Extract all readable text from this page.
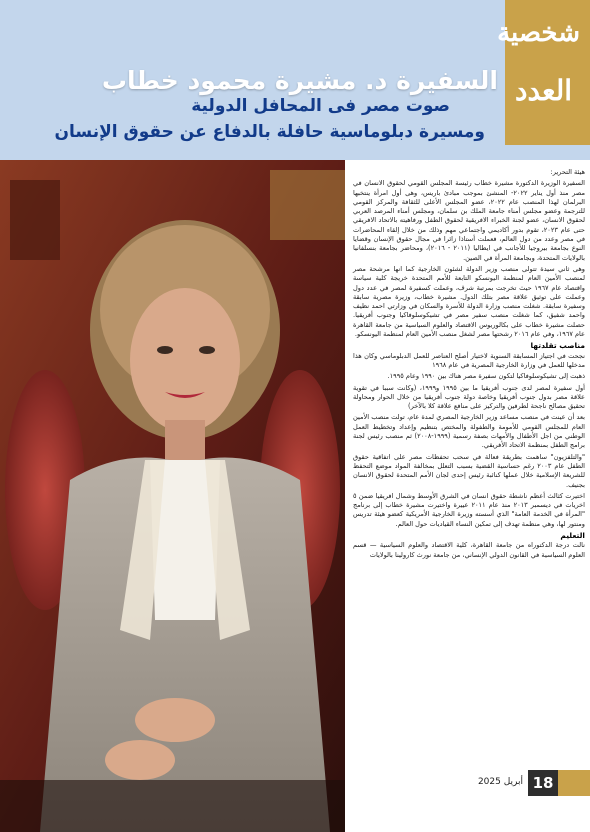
السفيرة د. مشيرة محمود خطاب
صوت مصر فى المحافل الدولية
ومسيرة دبلوماسية حافلة بالدفاع عن حقوق الإنسان
شخصية
العدد

هيئة التحرير:

السفيرة الوزيرة الدكتورة مشيرة خطاب رئيسة المجلس القومي لحقوق الانسان في مصر منذ أول يناير ٢٠٢٢- المنشئ بموجب مبادئ باريس، وهى أول امرأة ينتخبها البرلمان لهذا المنصب عام ٢٠٢٢، عضو المجلس الأعلى للثقافة والمركز القومي للترجمة وعضو مجلس أمناء جامعة الملك بن سلمان، ومجلس أمناء المرصد العربي لحقوق الانسان، عضو لجنة الخبراء الافريقية لحقوق الطفل ورفاهيته بالاتحاد الافريقي حتى عام ٢٠٢٣، تقوم بدور أكاديمي واجتماعي مهم وذلك من خلال إلقاء المحاضرات في مصر وعدد من دول العالم، فعملت أستاذا زائرا في مجال حقوق الإنسان وقضايا النوع بجامعة بيروجيا للأجانب في ايطاليا (٢٠١١ - ٢٠١٦)، ومحاضر بجامعة بنسلفانيا بالولايات المتحدة، وبجامعة المرأة في الصين.

وهى ثاني سيدة تتولى منصب وزير الدولة لشئون الخارجية كما انها مرشحة مصر لمنصب الأمين العام لمنظمة اليونسكو التابعة للأمم المتحدة خريجة كلية سياسة واقتصاد عام ١٩٦٧ حيث تخرجت بمرتبة شرف، وعملت كسفيرة لمصر في عدد دول وعملت على توثيق علاقة مصر بتلك الدول. مشيرة خطاب، وزيرة مصرية سابقة وسفيرة سابقة. شغلت منصب وزارة الدولة للأسرة والسكان في وزارتي احمد نظيف واحمد شفيق، كما شغلت منصب سفير مصر في تشيكوسلوفاكيا وجنوب أفريقيا. حصلت مشيرة خطاب على بكالوريوس الاقتصاد والعلوم السياسية من جامعة القاهرة عام ١٩٦٧، وفي عام ٢٠١٦ رشحتها مصر لشغل منصب الأمين العام لمنظمة اليونسكو.

مناصب تقلدتها

نجحت في اجتياز المسابقة السنوية لاختيار أصلح العناصر للعمل الدبلوماسي وكان هذا مدخلها للعمل في وزارة الخارجية المصرية في عام ١٩٦٨

ذهبت إلى تشيكوسلوفاكيا لتكون سفيرة مصر هناك بين ١٩٩٠ وعام ١٩٩٥.

أول سفيرة لمصر لدى جنوب أفريقيا ما بين ١٩٩٥ و١٩٩٩، (وكانت سببا في تقوية علاقة مصر بدول جنوب أفريقيا وخاصة دولة جنوب أفريقيا من خلال الحوار ومحاولة تحقيق مصالح ناجحة لطرفين والتركيز على منافع علاقة كلا بالآخر)

بعد أن عينت في منصب مساعد وزير الخارجية المصري لمدة عام، تولت منصب الأمين العام للمجلس القومي للأمومة والطفولة والمختص بتنظيم وإعداد وتخطيط العمل الوطني من اجل الأطفال والأمهات بصفة رسمية (١٩٩٩-٢٠٠٨) ثم منصب رئيس لجنة برامج الطفل بمنظمة الاتحاد الأفريقي.

"والتلفزيون" ساهمت بطريقة فعالة في سحب تحفظات مصر على اتفاقية حقوق الطفل عام ٢٠٠٣ رغم حساسية القضية بسبب التعلل بمخالفة المواد موضع التحفظ للشريعة الإسلامية خلال عملها كنائبة رئيس إحدى لجان الأمم المتحدة لحقوق الانسان بجنيف.

اختيرت كثالث أعظم ناشطة حقوق انسان في الشرق الأوسط وشمال افريقيا ضمن ٥ اخريات في ديسمبر ٢٠١٣ منذ عام ٢٠١١ عييرة واختيرت مشيرة خطاب إلى برنامج "المرأة في الخدمة العامة" الذي أسسته وزيرة الخارجية الأمريكية كعضو هيئة تدريس ومنتور لها، وهي منظمة تهدف إلى تمكين النساء القياديات حول العالم.

التعليم

نالت درجة الدكتوراه من جامعة القاهرة، كلية الاقتصاد والعلوم السياسية — قسم العلوم السياسية في القانون الدولي الإنساني، من جامعة نورث كارولينا بالولايات

أبريل 2025 18
